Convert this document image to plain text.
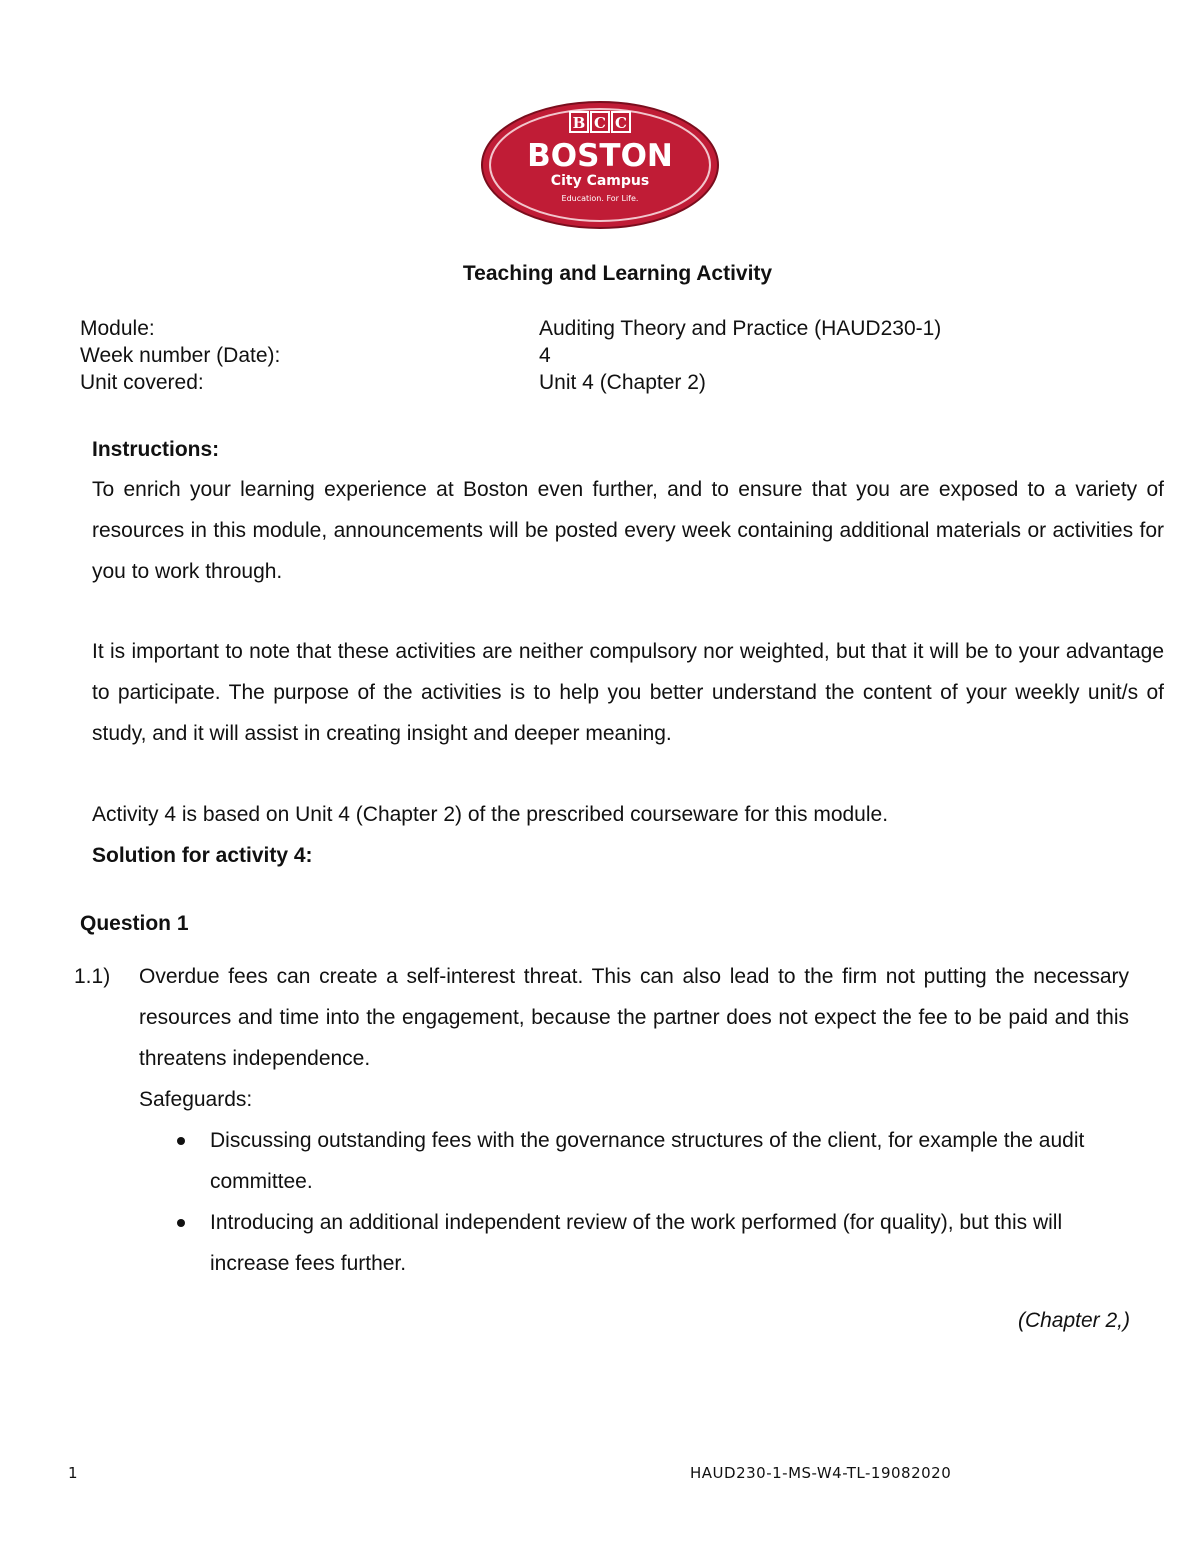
B C C
BOSTON
City Campus
Education. For Life.
Teaching and Learning Activity
Module:	Auditing Theory and Practice (HAUD230-1)
Week number (Date):	4
Unit covered:	Unit 4 (Chapter 2)
Instructions:

To enrich your learning experience at Boston even further, and to ensure that you are exposed to a variety of resources in this module, announcements will be posted every week containing additional materials or activities for you to work through.

It is important to note that these activities are neither compulsory nor weighted, but that it will be to your advantage to participate. The purpose of the activities is to help you better understand the content of your weekly unit/s of study, and it will assist in creating insight and deeper meaning.

Activity 4 is based on Unit 4 (Chapter 2) of the prescribed courseware for this module.

Solution for activity 4:
Question 1
1.1) Overdue fees can create a self-interest threat. This can also lead to the firm not putting the necessary resources and time into the engagement, because the partner does not expect the fee to be paid and this threatens independence.

Safeguards:

Discussing outstanding fees with the governance structures of the client, for example the audit committee.
Introducing an additional independent review of the work performed (for quality), but this will increase fees further.
(Chapter 2,)
1	HAUD230-1-MS-W4-TL-19082020
